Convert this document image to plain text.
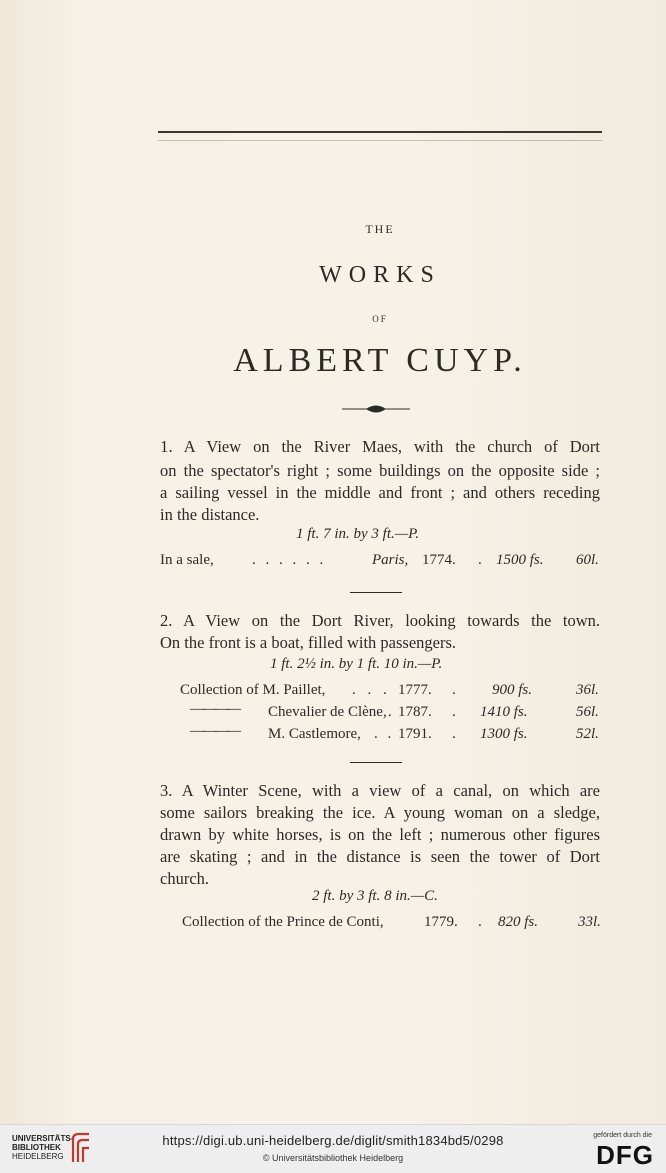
THE
WORKS
OF
ALBERT CUYP.
1. A View on the River Maes, with the church of Dort
on the spectator's right ; some buildings on the opposite side ;
a sailing vessel in the middle and front ; and others receding
in the distance.
1 ft. 7 in. by 3 ft.—P.
In a sale,	. . . . . .	Paris, 1774. . 1500 fs. 60l.
2. A View on the Dort River, looking towards the town.
On the front is a boat, filled with passengers.
1 ft. 2½ in. by 1 ft. 10 in.—P.
Collection of M. Paillet, . . . 1777. . 900 fs.	36l.
———— Chevalier de Clène, . 1787. . 1410 fs.	56l.
———— M. Castlemore, . . 1791. . 1300 fs.	52l.
3. A Winter Scene, with a view of a canal, on which are
some sailors breaking the ice. A young woman on a sledge,
drawn by white horses, is on the left ; numerous other figures
are skating ; and in the distance is seen the tower of Dort
church.
2 ft. by 3 ft. 8 in.—C.
Collection of the Prince de Conti,	1779. . 820 fs.	33l.
UNIVERSITÄTS-
BIBLIOTHEK
HEIDELBERG
https://digi.ub.uni-heidelberg.de/diglit/smith1834bd5/0298
© Universitätsbibliothek Heidelberg
gefördert durch die
DFG
